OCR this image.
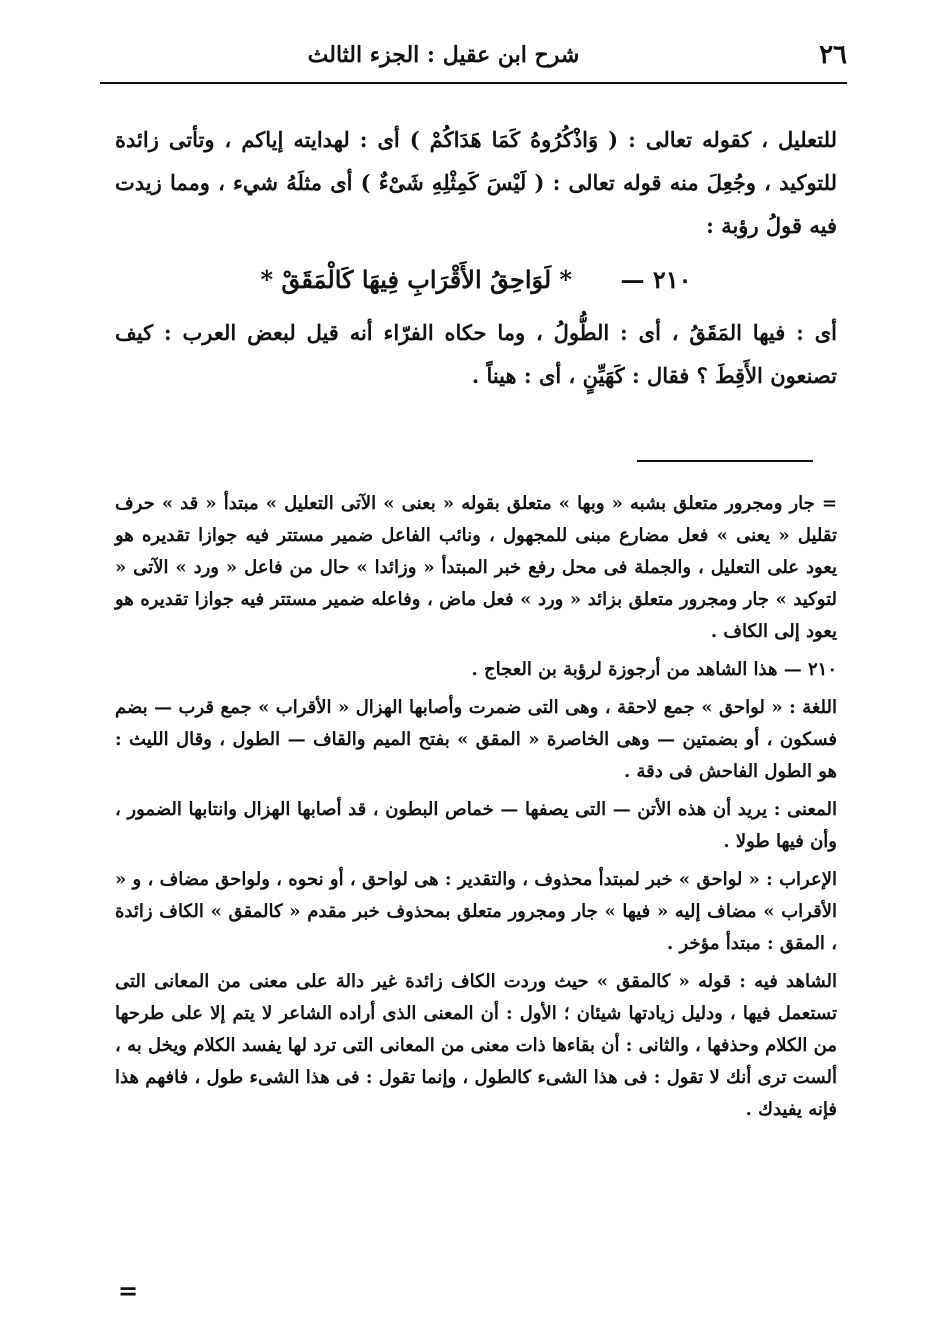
٢٦
شرح ابن عقيل : الجزء الثالث

للتعليل ، كقوله تعالى : ( وَاذْكُرُوهُ كَمَا هَدَاكُمْ ) أى : لهدايته إياكم ، وتأتى زائدة للتوكيد ، وجُعِلَ منه قوله تعالى : ( لَيْسَ كَمِثْلِهِ شَىْءٌ ) أى مثلَهُ شيء ، ومما زيدت فيه قولُ رؤبة :

٢١٠ — * لَوَاحِقُ الأَقْرَابِ فِيهَا كَالْمَقَقْ *

أى : فيها المَقَقُ ، أى : الطُّولُ ، وما حكاه الفرّاء أنه قيل لبعض العرب : كيف تصنعون الأَقِطَ ؟ فقال : كَهَيِّنٍ ، أى : هيناً .

= جار ومجرور متعلق بشبه « وبها » متعلق بقوله « بعنى » الآتى التعليل » مبتدأ « قد » حرف تقليل « يعنى » فعل مضارع مبنى للمجهول ، ونائب الفاعل ضمير مستتر فيه جوازا تقديره هو يعود على التعليل ، والجملة فى محل رفع خبر المبتدأ « وزائدا » حال من فاعل « ورد » الآتى « لتوكيد » جار ومجرور متعلق بزائد « ورد » فعل ماض ، وفاعله ضمير مستتر فيه جوازا تقديره هو يعود إلى الكاف .

٢١٠ — هذا الشاهد من أرجوزة لرؤبة بن العجاج .

اللغة : « لواحق » جمع لاحقة ، وهى التى ضمرت وأصابها الهزال « الأقراب » جمع قرب — بضم فسكون ، أو بضمتين — وهى الخاصرة « المقق » بفتح الميم والقاف — الطول ، وقال الليث : هو الطول الفاحش فى دقة .

المعنى : يريد أن هذه الأتن — التى يصفها — خماص البطون ، قد أصابها الهزال وانتابها الضمور ، وأن فيها طولا .

الإعراب : « لواحق » خبر لمبتدأ محذوف ، والتقدير : هى لواحق ، أو نحوه ، ولواحق مضاف ، و « الأقراب » مضاف إليه « فيها » جار ومجرور متعلق بمحذوف خبر مقدم « كالمقق » الكاف زائدة ، المقق : مبتدأ مؤخر .

الشاهد فيه : قوله « كالمقق » حيث وردت الكاف زائدة غير دالة على معنى من المعانى التى تستعمل فيها ، ودليل زيادتها شيئان ؛ الأول : أن المعنى الذى أراده الشاعر لا يتم إلا على طرحها من الكلام وحذفها ، والثانى : أن بقاءها ذات معنى من المعانى التى ترد لها يفسد الكلام ويخل به ، ألست ترى أنك لا تقول : فى هذا الشىء كالطول ، وإنما تقول : فى هذا الشىء طول ، فافهم هذا فإنه يفيدك .

=
